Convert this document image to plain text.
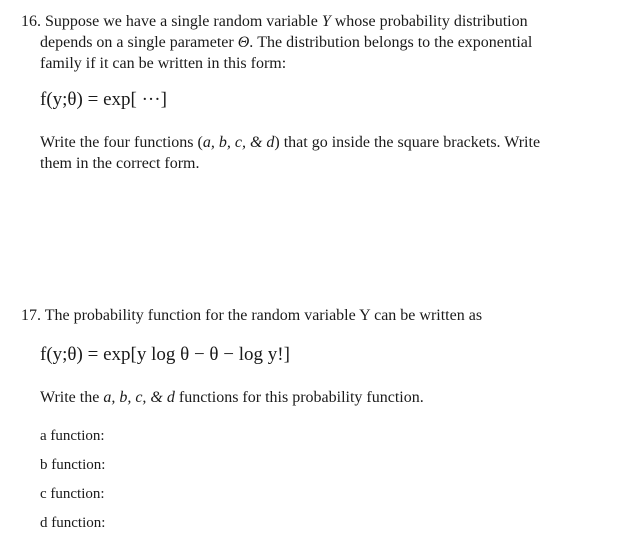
16. Suppose we have a single random variable Y whose probability distribution
depends on a single parameter Θ. The distribution belongs to the exponential
family if it can be written in this form:
f(y;θ) = exp[ ···]
Write the four functions (a, b, c, & d) that go inside the square brackets. Write
them in the correct form.
17. The probability function for the random variable Y can be written as
f(y;θ) = exp[y log θ − θ − log y!]
Write the a, b, c, & d functions for this probability function.
a function:
b function:
c function:
d function:
